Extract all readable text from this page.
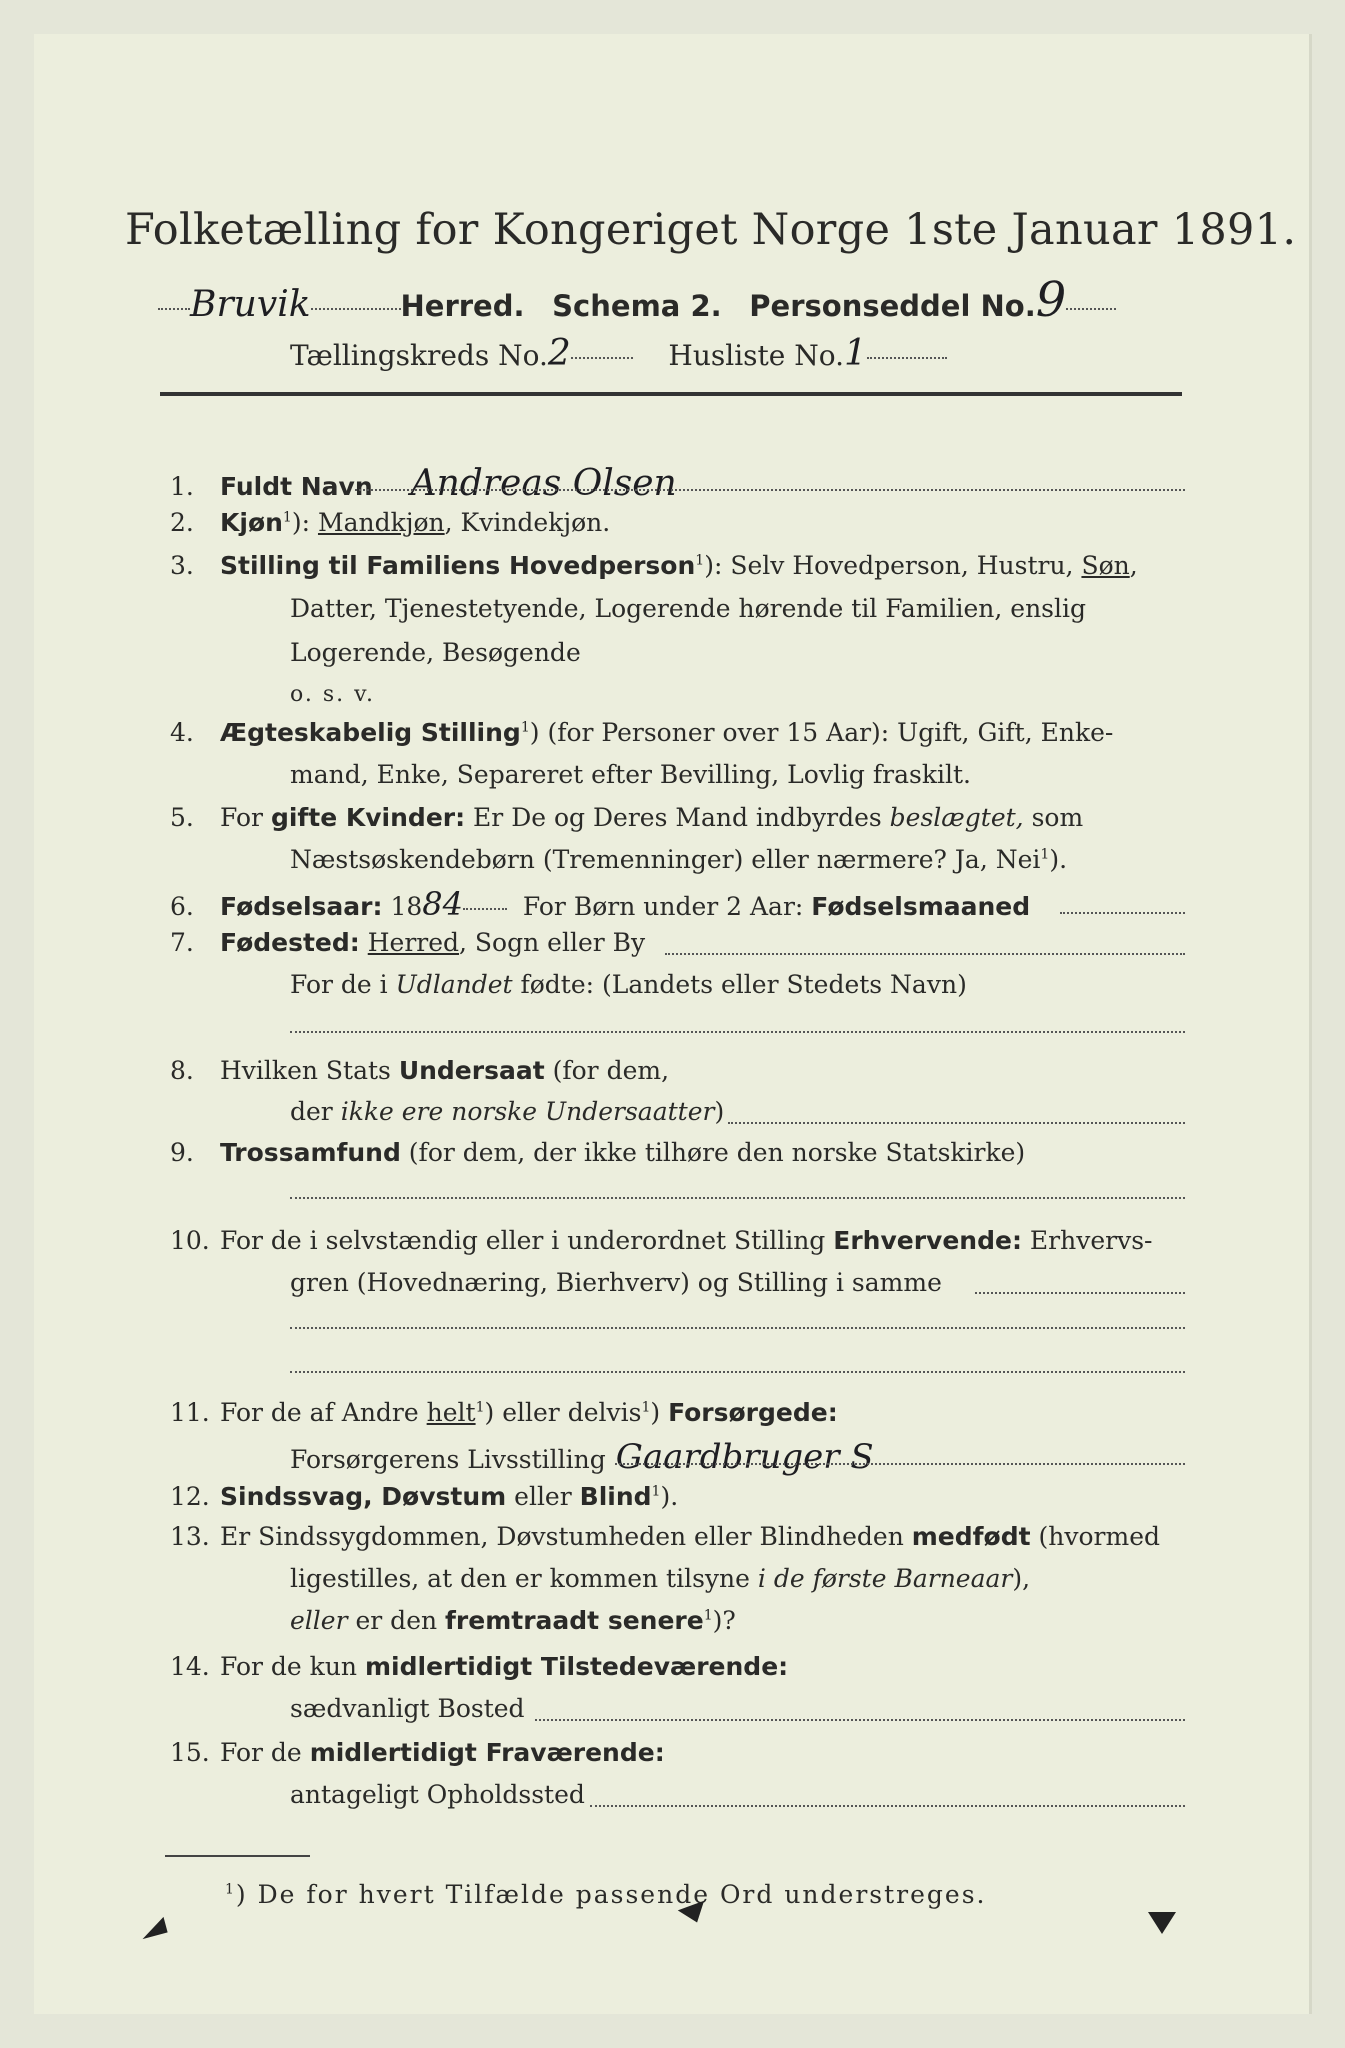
Folketælling for Kongeriget Norge 1ste Januar 1891.
Bruvik	Herred. Schema 2. Personseddel No.9
Tællingskreds No.2	Husliste No.1
1. Fuldt Navn Andreas Olsen
2. Kjøn$^1$): Mandkjøn, Kvindekjøn.
3. Stilling til Familiens Hovedperson$^1$): Selv Hovedperson, Hustru, Søn,
Datter, Tjenestetyende, Logerende hørende til Familien, enslig
Logerende, Besøgende
o. s. v.
4. Ægteskabelig Stilling$^1$) (for Personer over 15 Aar): Ugift, Gift, Enke-
mand, Enke, Separeret efter Bevilling, Lovlig fraskilt.
5. For gifte Kvinder: Er De og Deres Mand indbyrdes beslægtet, som
Næstsøskendebørn (Tremenninger) eller nærmere? Ja, Nei$^1$).
6. Fødselsaar: 1884 For Børn under 2 Aar: Fødselsmaaned
7. Fødested: Herred, Sogn eller By
For de i Udlandet fødte: (Landets eller Stedets Navn)
8. Hvilken Stats Undersaat (for dem,
der ikke ere norske Undersaatter)
9. Trossamfund (for dem, der ikke tilhøre den norske Statskirke)
10. For de i selvstændig eller i underordnet Stilling Erhvervende: Erhvervs-
gren (Hovednæring, Bierhverv) og Stilling i samme
11. For de af Andre helt$^1$) eller delvis$^1$) Forsørgede:
Forsørgerens Livsstilling Gaardbruger S
12. Sindssvag, Døvstum eller Blind$^1$).
13. Er Sindssygdommen, Døvstumheden eller Blindheden medfødt (hvormed
ligestilles, at den er kommen tilsyne i de første Barneaar),
eller er den fremtraadt senere$^1$)?
14. For de kun midlertidigt Tilstedeværende:
sædvanligt Bosted
15. For de midlertidigt Fraværende:
antageligt Opholdssted
$^1$) De for hvert Tilfælde passende Ord understreges.
